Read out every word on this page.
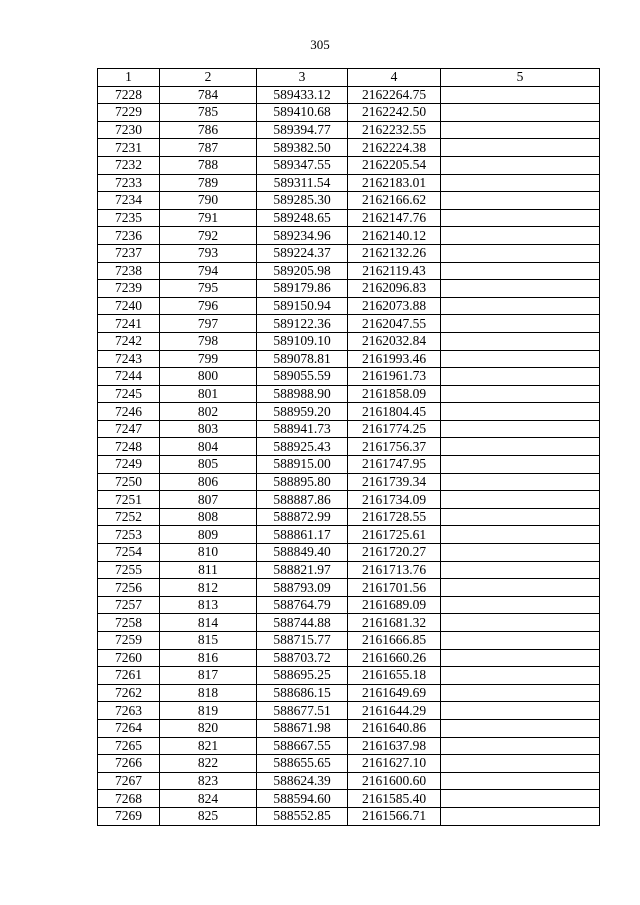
305
1	2	3	4	5
7228	784	589433.12	2162264.75	
7229	785	589410.68	2162242.50	
7230	786	589394.77	2162232.55	
7231	787	589382.50	2162224.38	
7232	788	589347.55	2162205.54	
7233	789	589311.54	2162183.01	
7234	790	589285.30	2162166.62	
7235	791	589248.65	2162147.76	
7236	792	589234.96	2162140.12	
7237	793	589224.37	2162132.26	
7238	794	589205.98	2162119.43	
7239	795	589179.86	2162096.83	
7240	796	589150.94	2162073.88	
7241	797	589122.36	2162047.55	
7242	798	589109.10	2162032.84	
7243	799	589078.81	2161993.46	
7244	800	589055.59	2161961.73	
7245	801	588988.90	2161858.09	
7246	802	588959.20	2161804.45	
7247	803	588941.73	2161774.25	
7248	804	588925.43	2161756.37	
7249	805	588915.00	2161747.95	
7250	806	588895.80	2161739.34	
7251	807	588887.86	2161734.09	
7252	808	588872.99	2161728.55	
7253	809	588861.17	2161725.61	
7254	810	588849.40	2161720.27	
7255	811	588821.97	2161713.76	
7256	812	588793.09	2161701.56	
7257	813	588764.79	2161689.09	
7258	814	588744.88	2161681.32	
7259	815	588715.77	2161666.85	
7260	816	588703.72	2161660.26	
7261	817	588695.25	2161655.18	
7262	818	588686.15	2161649.69	
7263	819	588677.51	2161644.29	
7264	820	588671.98	2161640.86	
7265	821	588667.55	2161637.98	
7266	822	588655.65	2161627.10	
7267	823	588624.39	2161600.60	
7268	824	588594.60	2161585.40	
7269	825	588552.85	2161566.71	
